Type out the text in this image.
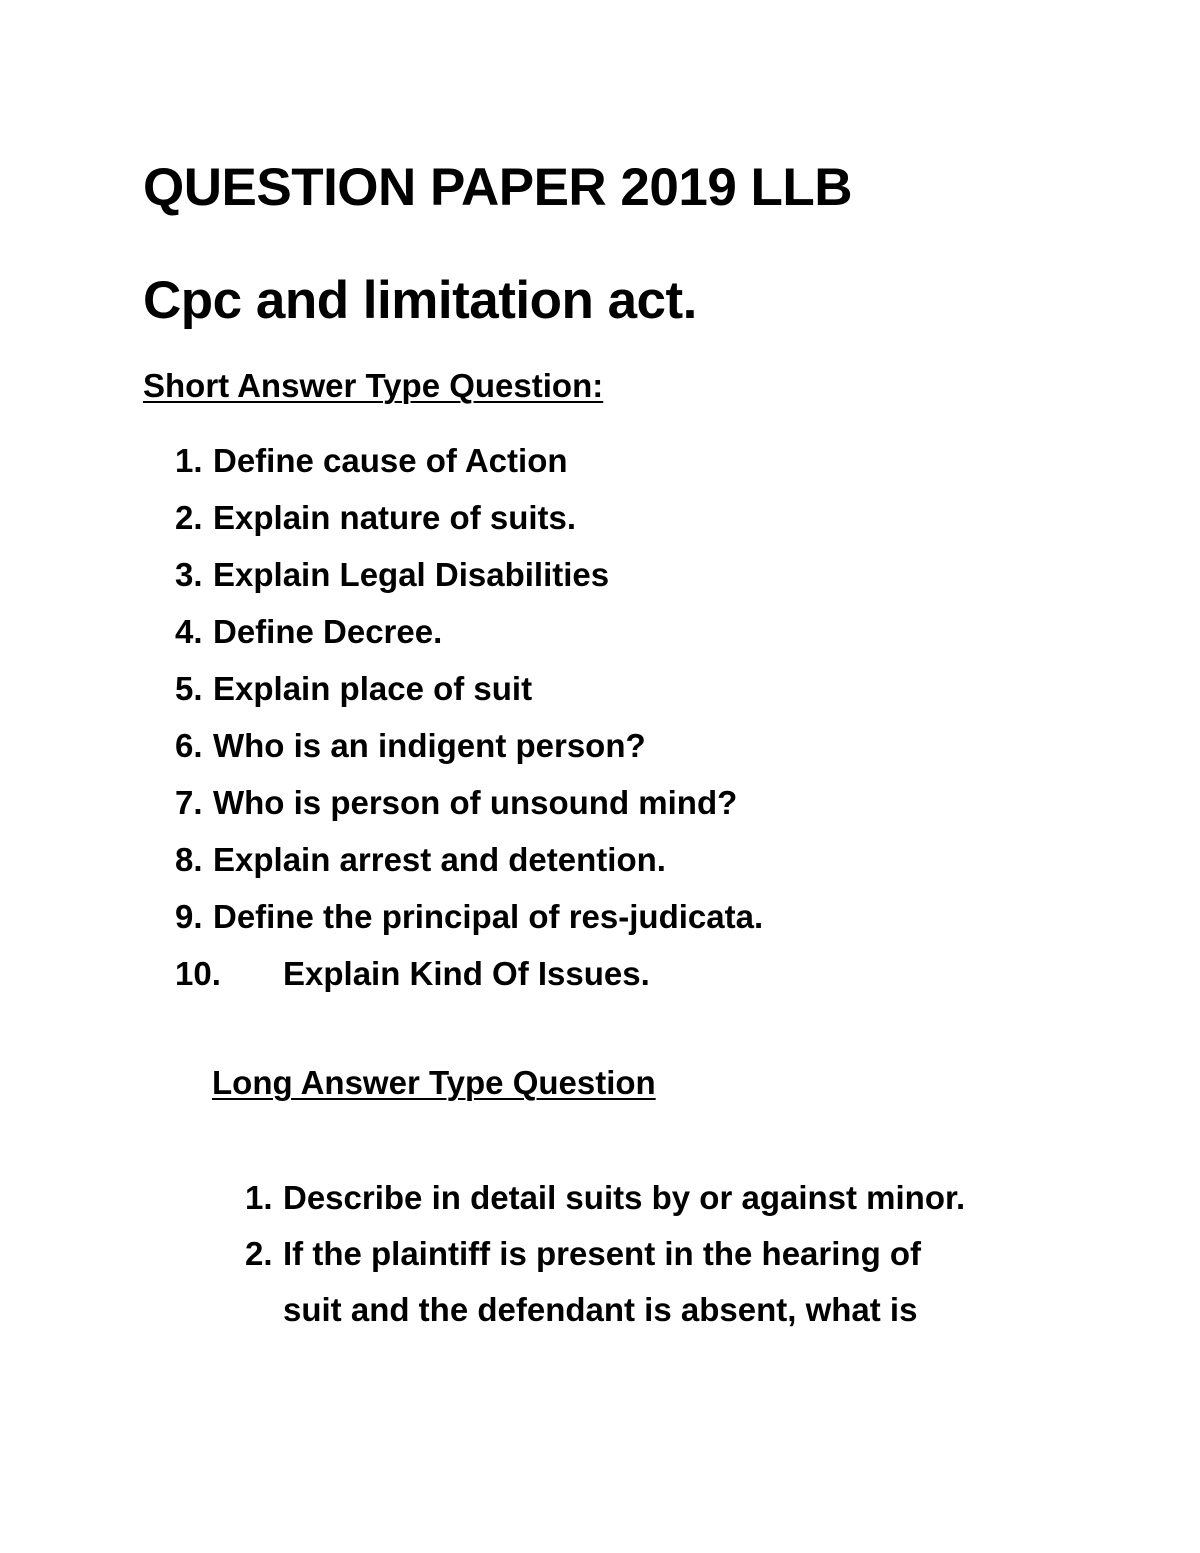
QUESTION PAPER 2019 LLB
Cpc and limitation act.
Short Answer Type Question:
1. Define cause of Action
2. Explain nature of suits.
3. Explain Legal Disabilities
4. Define Decree.
5. Explain place of suit
6. Who is an indigent person?
7. Who is person of unsound mind?
8. Explain arrest and detention.
9. Define the principal of res-judicata.
10. Explain Kind Of Issues.
Long Answer Type Question
1. Describe in detail suits by or against minor.
2. If the plaintiff is present in the hearing of
suit and the defendant is absent, what is
